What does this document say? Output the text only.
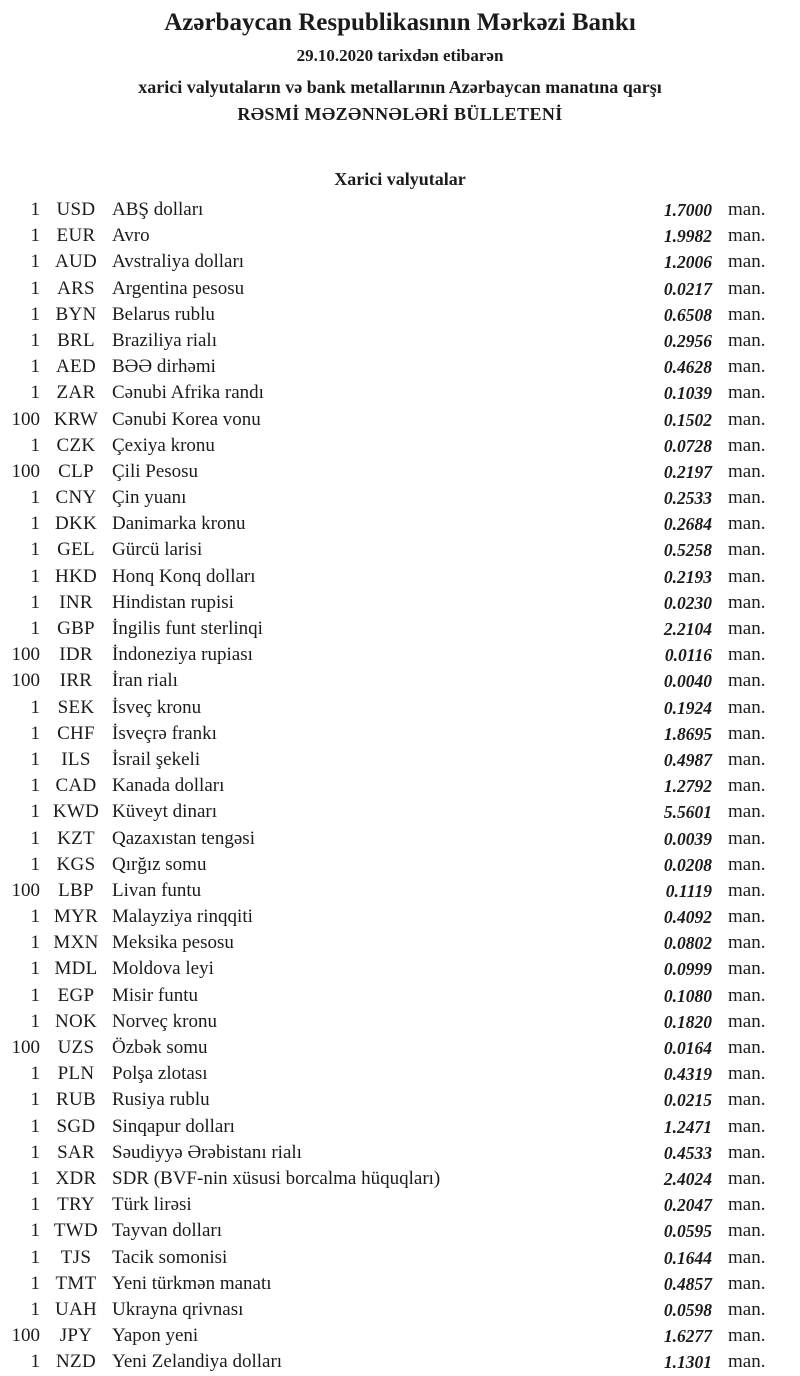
Azərbaycan Respublikasının Mərkəzi Bankı
29.10.2020 tarixdən etibarən
xarici valyutaların və bank metallarının Azərbaycan manatına qarşı
RƏSMİ MƏZƏNNƏLƏRİ BÜLLETENİ
Xarici valyutalar
1 USD ABŞ dolları	1.7000 man.
1 EUR Avro	1.9982 man.
1 AUD Avstraliya dolları	1.2006 man.
1 ARS Argentina pesosu	0.0217 man.
1 BYN Belarus rublu	0.6508 man.
1 BRL Braziliya rialı	0.2956 man.
1 AED BƏƏ dirhəmi	0.4628 man.
1 ZAR Cənubi Afrika randı	0.1039 man.
100 KRW Cənubi Korea vonu	0.1502 man.
1 CZK Çexiya kronu	0.0728 man.
100 CLP Çili Pesosu	0.2197 man.
1 CNY Çin yuanı	0.2533 man.
1 DKK Danimarka kronu	0.2684 man.
1 GEL Gürcü larisi	0.5258 man.
1 HKD Honq Konq dolları	0.2193 man.
1	INR	Hindistan rupisi	0.0230 man.
1 GBP İngilis funt sterlinqi	2.2104 man.
100	IDR	İndoneziya rupiası	0.0116 man.
100	IRR	İran rialı	0.0040 man.
1 SEK İsveç kronu	0.1924 man.
1 CHF İsveçrə frankı	1.8695 man.
1	ILS	İsrail şekeli	0.4987 man.
1 CAD Kanada dolları	1.2792 man.
1 KWD Küveyt dinarı	5.5601 man.
1 KZT Qazaxıstan tengəsi	0.0039 man.
1 KGS Qırğız somu	0.0208 man.
100 LBP Livan funtu	0.1119 man.
1 MYR Malayziya rinqqiti	0.4092 man.
1 MXN Meksika pesosu	0.0802 man.
1 MDL Moldova leyi	0.0999 man.
1 EGP Misir funtu	0.1080 man.
1 NOK Norveç kronu	0.1820 man.
100 UZS Özbək somu	0.0164 man.
1 PLN Polşa zlotası	0.4319 man.
1 RUB Rusiya rublu	0.0215 man.
1 SGD Sinqapur dolları	1.2471 man.
1 SAR Səudiyyə Ərəbistanı rialı	0.4533 man.
1 XDR SDR (BVF-nin xüsusi borcalma hüquqları)	2.4024 man.
1 TRY Türk lirəsi	0.2047 man.
1 TWD Tayvan dolları	0.0595 man.
1	TJS	Tacik somonisi	0.1644 man.
1 TMT Yeni türkmən manatı	0.4857 man.
1 UAH Ukrayna qrivnası	0.0598 man.
100	JPY	Yapon yeni	1.6277 man.
1 NZD Yeni Zelandiya dolları	1.1301 man.
